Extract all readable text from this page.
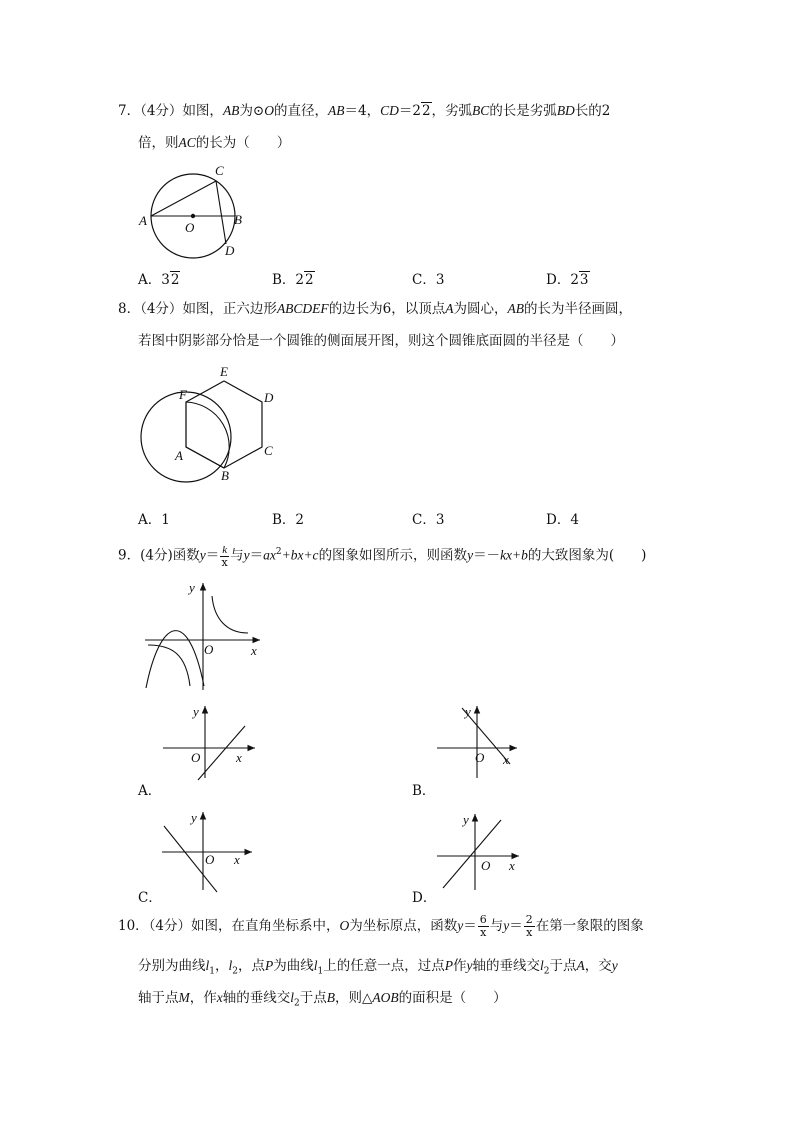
7．（4分）如图，AB为⊙O的直径，AB＝4，CD＝22，劣弧BC的长是劣弧BD长的2
倍，则AC的长为（　　）
A	B
C
D
O
A．32	B．22	C．3	D．23
8．（4分）如图，正六边形ABCDEF的边长为6，以顶点A为圆心，AB的长为半径画圆，
若图中阴影部分恰是一个圆锥的侧面展开图，则这个圆锥底面圆的半径是（　　）
A
B
C
D
E
F
A．1	B．2	C．3	D．4
9．(4分)函数$y= \frac{k}{x}$ 与$y=ax^2+bx+c$的图象如图所示，则函数y＝－kx+b的大致图象为(　　)
y
x
O
y
x
O
A．
y
x
O
B．
y
x
O
C．
y
x
O
D．
10．（4分）如图，在直角坐标系中，O为坐标原点，函数$y= \frac{6}{x}$ 与$y= \frac{2}{x}$ 在第一象限的图象
分别为曲线$l_1$，$l_2$，点P为曲线$l_1$上的任意一点，过点P作y轴的垂线交$l_2$于点A，交y
轴于点M，作x轴的垂线交$l_2$于点B，则△AOB的面积是（　　）
